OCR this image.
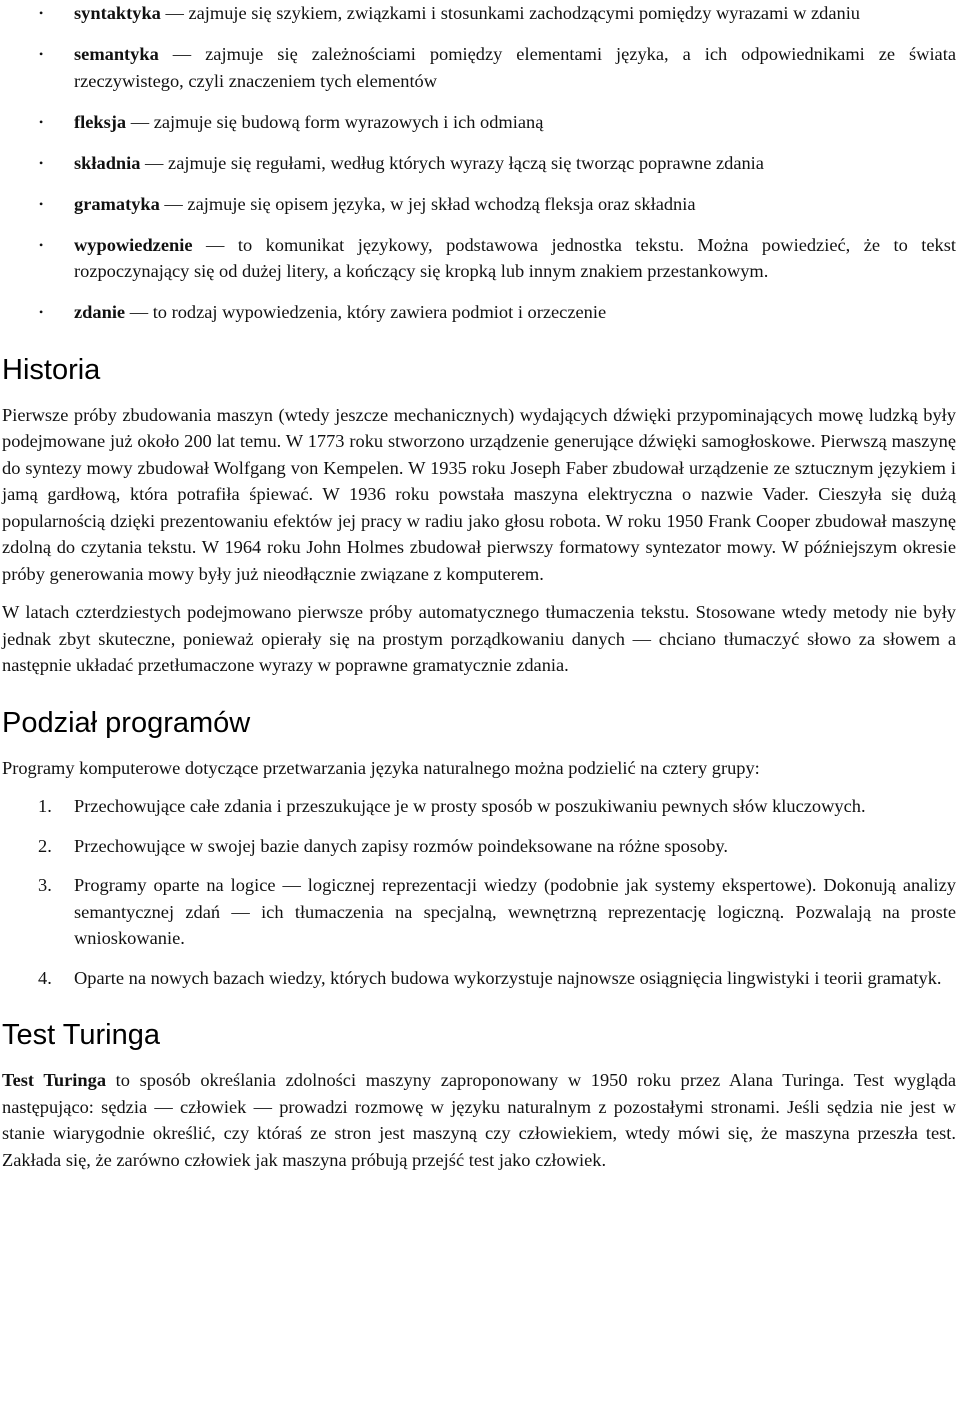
• syntaktyka — zajmuje się szykiem, związkami i stosunkami zachodzącymi pomiędzy wyrazami w zdaniu
• semantyka — zajmuje się zależnościami pomiędzy elementami języka, a ich odpowiednikami ze świata rzeczywistego, czyli znaczeniem tych elementów
• fleksja — zajmuje się budową form wyrazowych i ich odmianą
• składnia — zajmuje się regułami, według których wyrazy łączą się tworząc poprawne zdania
• gramatyka — zajmuje się opisem języka, w jej skład wchodzą fleksja oraz składnia
• wypowiedzenie — to komunikat językowy, podstawowa jednostka tekstu. Można powiedzieć, że to tekst rozpoczynający się od dużej litery, a kończący się kropką lub innym znakiem przestankowym.
• zdanie — to rodzaj wypowiedzenia, który zawiera podmiot i orzeczenie
Historia

Pierwsze próby zbudowania maszyn (wtedy jeszcze mechanicznych) wydających dźwięki przypominających mowę ludzką były podejmowane już około 200 lat temu. W 1773 roku stworzono urządzenie generujące dźwięki samogłoskowe. Pierwszą maszynę do syntezy mowy zbudował Wolfgang von Kempelen. W 1935 roku Joseph Faber zbudował urządzenie ze sztucznym językiem i jamą gardłową, która potrafiła śpiewać. W 1936 roku powstała maszyna elektryczna o nazwie Vader. Cieszyła się dużą popularnością dzięki prezentowaniu efektów jej pracy w radiu jako głosu robota. W roku 1950 Frank Cooper zbudował maszynę zdolną do czytania tekstu. W 1964 roku John Holmes zbudował pierwszy formatowy syntezator mowy. W późniejszym okresie próby generowania mowy były już nieodłącznie związane z komputerem.

W latach czterdziestych podejmowano pierwsze próby automatycznego tłumaczenia tekstu. Stosowane wtedy metody nie były jednak zbyt skuteczne, ponieważ opierały się na prostym porządkowaniu danych — chciano tłumaczyć słowo za słowem a następnie układać przetłumaczone wyrazy w poprawne gramatycznie zdania.

Podział programów

Programy komputerowe dotyczące przetwarzania języka naturalnego można podzielić na cztery grupy:

1. Przechowujące całe zdania i przeszukujące je w prosty sposób w poszukiwaniu pewnych słów kluczowych.
2. Przechowujące w swojej bazie danych zapisy rozmów poindeksowane na różne sposoby.
3. Programy oparte na logice — logicznej reprezentacji wiedzy (podobnie jak systemy ekspertowe). Dokonują analizy semantycznej zdań — ich tłumaczenia na specjalną, wewnętrzną reprezentację logiczną. Pozwalają na proste wnioskowanie.
4. Oparte na nowych bazach wiedzy, których budowa wykorzystuje najnowsze osiągnięcia lingwistyki i teorii gramatyk.
Test Turinga

Test Turinga to sposób określania zdolności maszyny zaproponowany w 1950 roku przez Alana Turinga. Test wygląda następująco: sędzia — człowiek — prowadzi rozmowę w języku naturalnym z pozostałymi stronami. Jeśli sędzia nie jest w stanie wiarygodnie określić, czy któraś ze stron jest maszyną czy człowiekiem, wtedy mówi się, że maszyna przeszła test. Zakłada się, że zarówno człowiek jak maszyna próbują przejść test jako człowiek.
